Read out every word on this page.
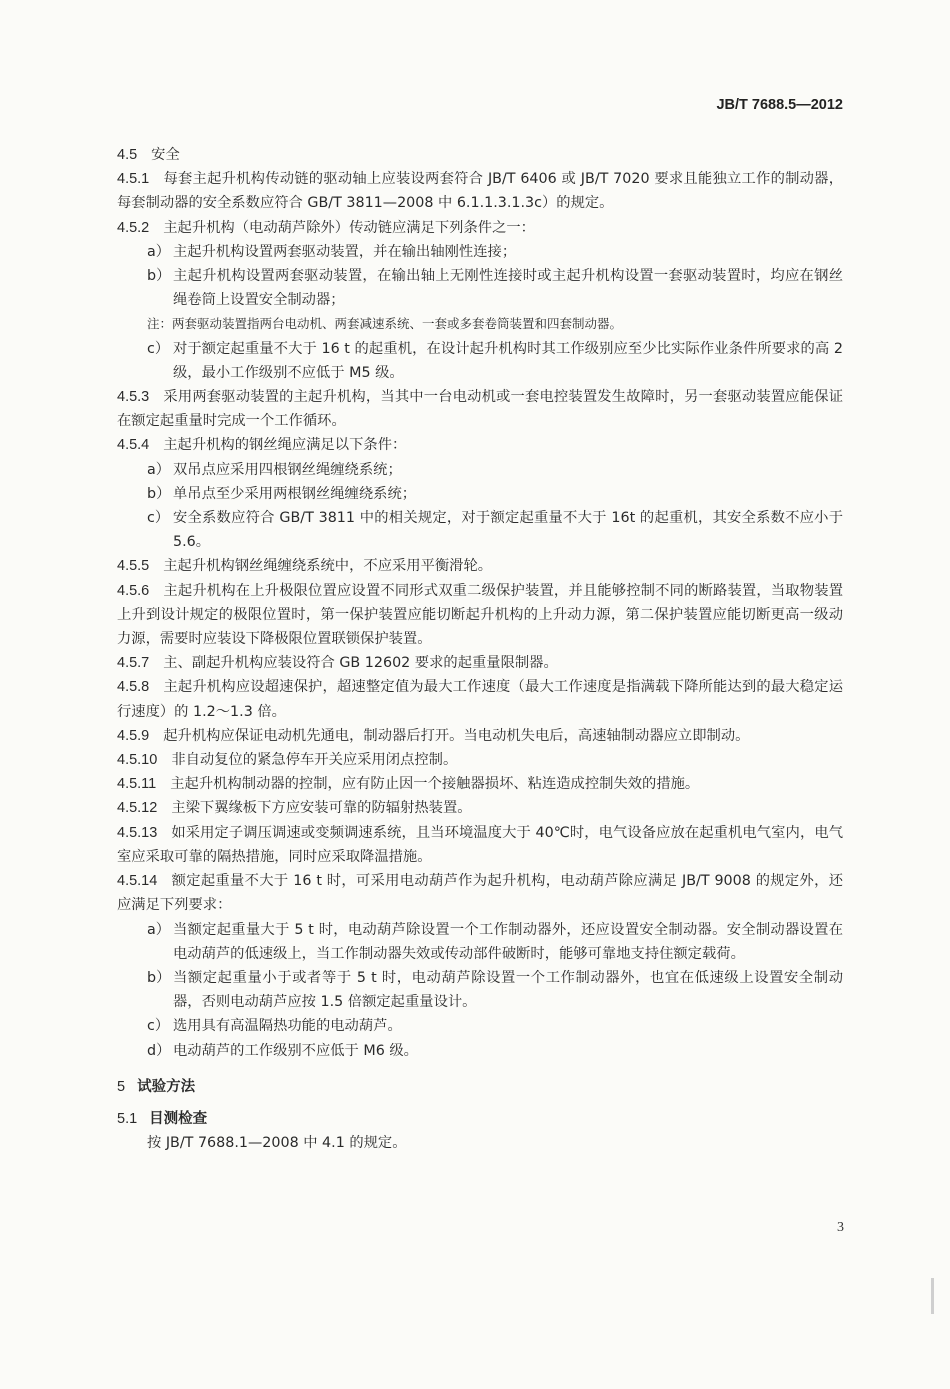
JB/T 7688.5—2012

4.5 安全

4.5.1 每套主起升机构传动链的驱动轴上应装设两套符合 JB/T 6406 或 JB/T 7020 要求且能独立工作的制动器，每套制动器的安全系数应符合 GB/T 3811—2008 中 6.1.1.3.1.3c）的规定。

4.5.2 主起升机构（电动葫芦除外）传动链应满足下列条件之一：

a） 主起升机构设置两套驱动装置，并在输出轴刚性连接；
b） 主起升机构设置两套驱动装置，在输出轴上无刚性连接时或主起升机构设置一套驱动装置时，均应在钢丝绳卷筒上设置安全制动器；
注：两套驱动装置指两台电动机、两套减速系统、一套或多套卷筒装置和四套制动器。
c） 对于额定起重量不大于 16 t 的起重机，在设计起升机构时其工作级别应至少比实际作业条件所要求的高 2 级，最小工作级别不应低于 M5 级。

4.5.3 采用两套驱动装置的主起升机构，当其中一台电动机或一套电控装置发生故障时，另一套驱动装置应能保证在额定起重量时完成一个工作循环。

4.5.4 主起升机构的钢丝绳应满足以下条件：

a） 双吊点应采用四根钢丝绳缠绕系统；
b） 单吊点至少采用两根钢丝绳缠绕系统；
c） 安全系数应符合 GB/T 3811 中的相关规定，对于额定起重量不大于 16t 的起重机，其安全系数不应小于 5.6。

4.5.5 主起升机构钢丝绳缠绕系统中，不应采用平衡滑轮。

4.5.6 主起升机构在上升极限位置应设置不同形式双重二级保护装置，并且能够控制不同的断路装置，当取物装置上升到设计规定的极限位置时，第一保护装置应能切断起升机构的上升动力源，第二保护装置应能切断更高一级动力源，需要时应装设下降极限位置联锁保护装置。

4.5.7 主、副起升机构应装设符合 GB 12602 要求的起重量限制器。

4.5.8 主起升机构应设超速保护，超速整定值为最大工作速度（最大工作速度是指满载下降所能达到的最大稳定运行速度）的 1.2～1.3 倍。

4.5.9 起升机构应保证电动机先通电，制动器后打开。当电动机失电后，高速轴制动器应立即制动。

4.5.10 非自动复位的紧急停车开关应采用闭点控制。

4.5.11 主起升机构制动器的控制，应有防止因一个接触器损坏、粘连造成控制失效的措施。

4.5.12 主梁下翼缘板下方应安装可靠的防辐射热装置。

4.5.13 如采用定子调压调速或变频调速系统，且当环境温度大于 40℃时，电气设备应放在起重机电气室内，电气室应采取可靠的隔热措施，同时应采取降温措施。

4.5.14 额定起重量不大于 16 t 时，可采用电动葫芦作为起升机构，电动葫芦除应满足 JB/T 9008 的规定外，还应满足下列要求：

a） 当额定起重量大于 5 t 时，电动葫芦除设置一个工作制动器外，还应设置安全制动器。安全制动器设置在电动葫芦的低速级上，当工作制动器失效或传动部件破断时，能够可靠地支持住额定载荷。
b） 当额定起重量小于或者等于 5 t 时，电动葫芦除设置一个工作制动器外，也宜在低速级上设置安全制动器，否则电动葫芦应按 1.5 倍额定起重量设计。
c） 选用具有高温隔热功能的电动葫芦。
d） 电动葫芦的工作级别不应低于 M6 级。

5 试验方法

5.1 目测检查

按 JB/T 7688.1—2008 中 4.1 的规定。

3
